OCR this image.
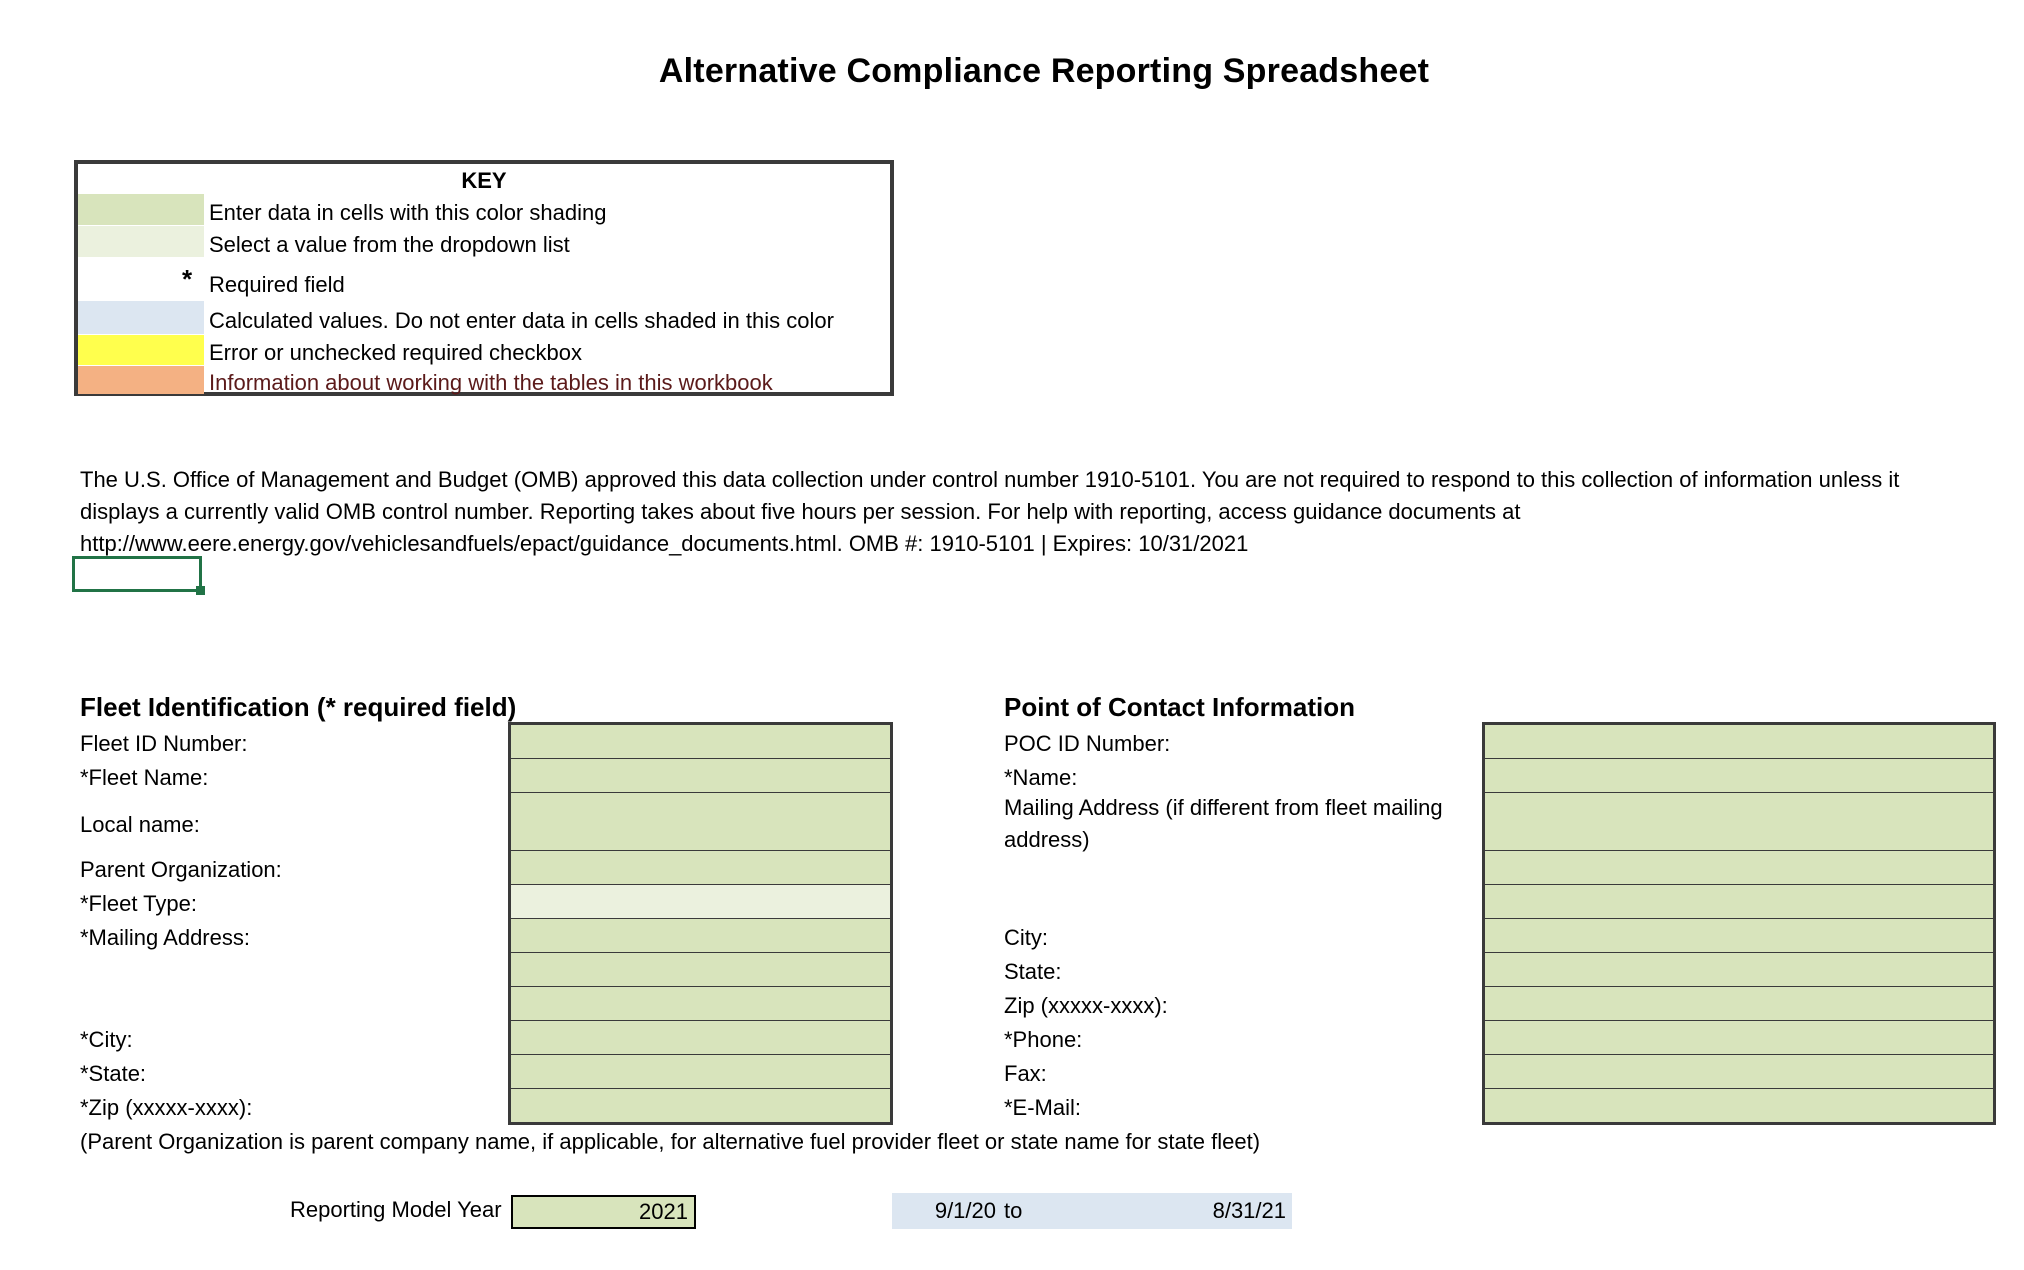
Alternative Compliance Reporting Spreadsheet
KEY
Enter data in cells with this color shading
Select a value from the dropdown list
* Required field
Calculated values. Do not enter data in cells shaded in this color
Error or unchecked required checkbox
Information about working with the tables in this workbook
The U.S. Office of Management and Budget (OMB) approved this data collection under control number 1910-5101. You are not required to respond to this collection of information unless it
displays a currently valid OMB control number. Reporting takes about five hours per session. For help with reporting, access guidance documents at
http://www.eere.energy.gov/vehiclesandfuels/epact/guidance_documents.html. OMB #: 1910-5101 | Expires: 10/31/2021
Fleet Identification (* required field)
Fleet ID Number:
*Fleet Name:
Local name:
Parent Organization:
*Fleet Type:
*Mailing Address:
*City:
*State:
*Zip (xxxxx-xxxx):
(Parent Organization is parent company name, if applicable, for alternative fuel provider fleet or state name for state fleet)
Point of Contact Information
POC ID Number:
*Name:
Mailing Address (if different from fleet mailing
address)
City:
State:
Zip (xxxxx-xxxx):
*Phone:
Fax:
*E-Mail:
Reporting Model Year	2021	9/1/20 to	8/31/21
